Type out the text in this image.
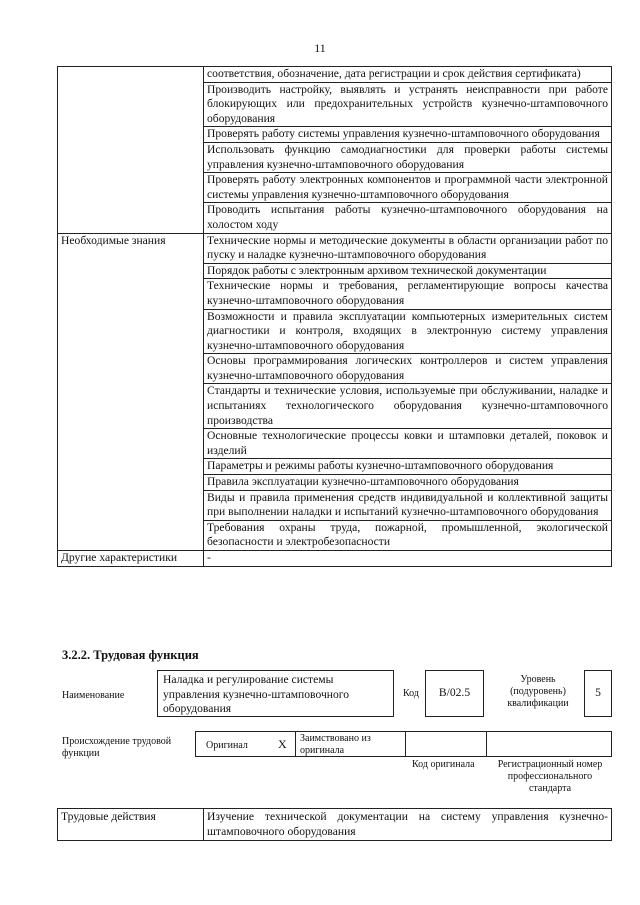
11
	соответствия, обозначение, дата регистрации и срок действия сертификата)
	Производить настройку, выявлять и устранять неисправности при работе блокирующих или предохранительных устройств кузнечно-штамповочного оборудования
	Проверять работу системы управления кузнечно-штамповочного оборудования
	Использовать функцию самодиагностики для проверки работы системы управления кузнечно-штамповочного оборудования
	Проверять работу электронных компонентов и программной части электронной системы управления кузнечно-штамповочного оборудования
	Проводить испытания работы кузнечно-штамповочного оборудования на холостом ходу
Необходимые знания	Технические нормы и методические документы в области организации работ по пуску и наладке кузнечно-штамповочного оборудования
	Порядок работы с электронным архивом технической документации
	Технические нормы и требования, регламентирующие вопросы качества кузнечно-штамповочного оборудования
	Возможности и правила эксплуатации компьютерных измерительных систем диагностики и контроля, входящих в электронную систему управления кузнечно-штамповочного оборудования
	Основы программирования логических контроллеров и систем управления кузнечно-штамповочного оборудования
	Стандарты и технические условия, используемые при обслуживании, наладке и испытаниях технологического оборудования кузнечно-штамповочного производства
	Основные технологические процессы ковки и штамповки деталей, поковок и изделий
	Параметры и режимы работы кузнечно-штамповочного оборудования
	Правила эксплуатации кузнечно-штамповочного оборудования
	Виды и правила применения средств индивидуальной и коллективной защиты при выполнении наладки и испытаний кузнечно-штамповочного оборудования
	Требования охраны труда, пожарной, промышленной, экологической безопасности и электробезопасности
Другие характеристики	-
3.2.2. Трудовая функция
Наименование
Наладка и регулирование системы управления кузнечно-штамповочного оборудования
Код	B/02.5
Уровень (подуровень) квалификации
5
Происхождение трудовой функции
Оригинал	X	Заимствовано из оригинала
Код оригинала	Регистрационный номер профессионального стандарта
Трудовые действия	Изучение технической документации на систему управления кузнечно-штамповочного оборудования
